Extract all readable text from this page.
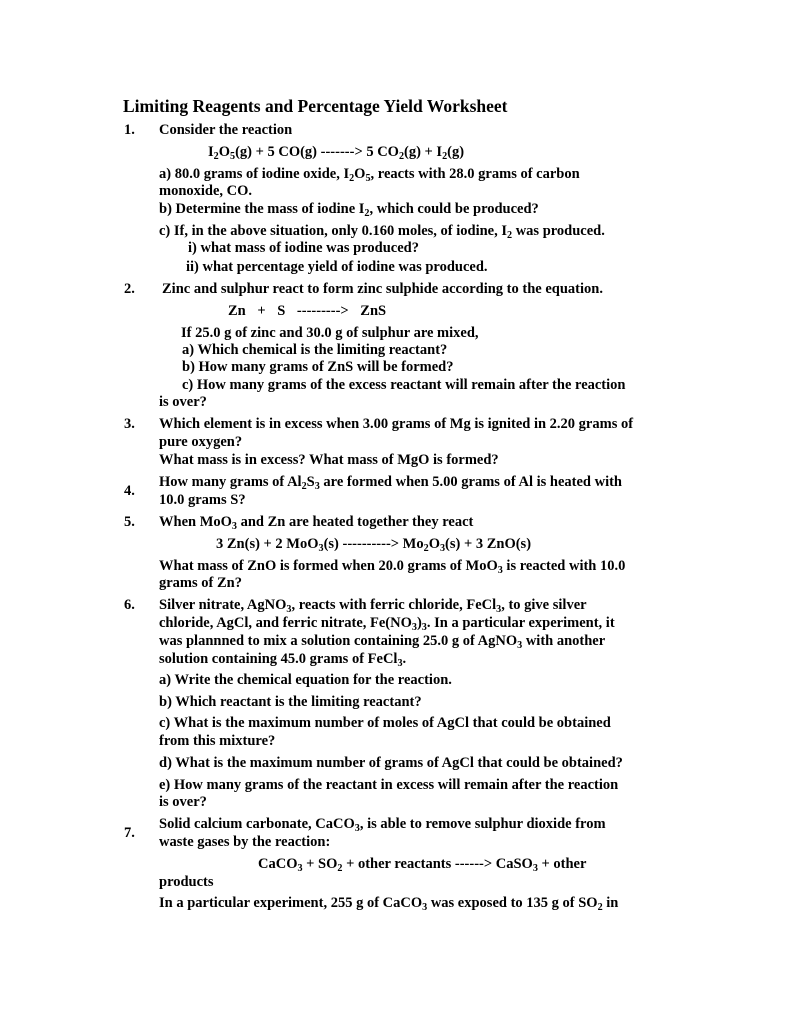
Limiting Reagents and Percentage Yield Worksheet
1. Consider the reaction
$I_2O_5(g) + 5$ CO(g) -------> 5 $CO_2(g) + I_2(g)$
a) 80.0 grams of iodine oxide, $I_2O_5$, reacts with 28.0 grams of carbon
monoxide, CO.
b) Determine the mass of iodine $I_2$, which could be produced?
c) If, in the above situation, only 0.160 moles, of iodine, $I_2$ was produced.
i) what mass of iodine was produced?
ii) what percentage yield of iodine was produced.
2. Zinc and sulphur react to form zinc sulphide according to the equation.
Zn + S ---------> ZnS
If 25.0 g of zinc and 30.0 g of sulphur are mixed,
a) Which chemical is the limiting reactant?
b) How many grams of ZnS will be formed?
c) How many grams of the excess reactant will remain after the reaction
is over?
3. Which element is in excess when 3.00 grams of Mg is ignited in 2.20 grams of
pure oxygen?
What mass is in excess? What mass of MgO is formed?
4.
How many grams of $Al_2S_3$ are formed when 5.00 grams of Al is heated with
10.0 grams S?
5. When MoO$_3$ and Zn are heated together they react
3 Zn(s) + 2 MoO$_3$(s) ----------> $Mo_2O_3(s) + 3$ ZnO(s)
What mass of ZnO is formed when 20.0 grams of MoO$_3$ is reacted with 10.0
grams of Zn?
6. Silver nitrate, AgNO$_3$, reacts with ferric chloride, FeCl$_3$, to give silver
chloride, AgCl, and ferric nitrate, $Fe(NO_3)_3$. In a particular experiment, it
was plannned to mix a solution containing 25.0 g of AgNO$_3$ with another
solution containing 45.0 grams of FeCl$_3$.
a) Write the chemical equation for the reaction.
b) Which reactant is the limiting reactant?
c) What is the maximum number of moles of AgCl that could be obtained
from this mixture?
d) What is the maximum number of grams of AgCl that could be obtained?
e) How many grams of the reactant in excess will remain after the reaction
is over?
7.
Solid calcium carbonate, CaCO$_3$, is able to remove sulphur dioxide from
waste gases by the reaction:
CaCO$_3$ + $SO_2$ + other reactants ------> CaSO$_3$ + other
products
In a particular experiment, 255 g of CaCO$_3$ was exposed to 135 g of $SO_2$ in
